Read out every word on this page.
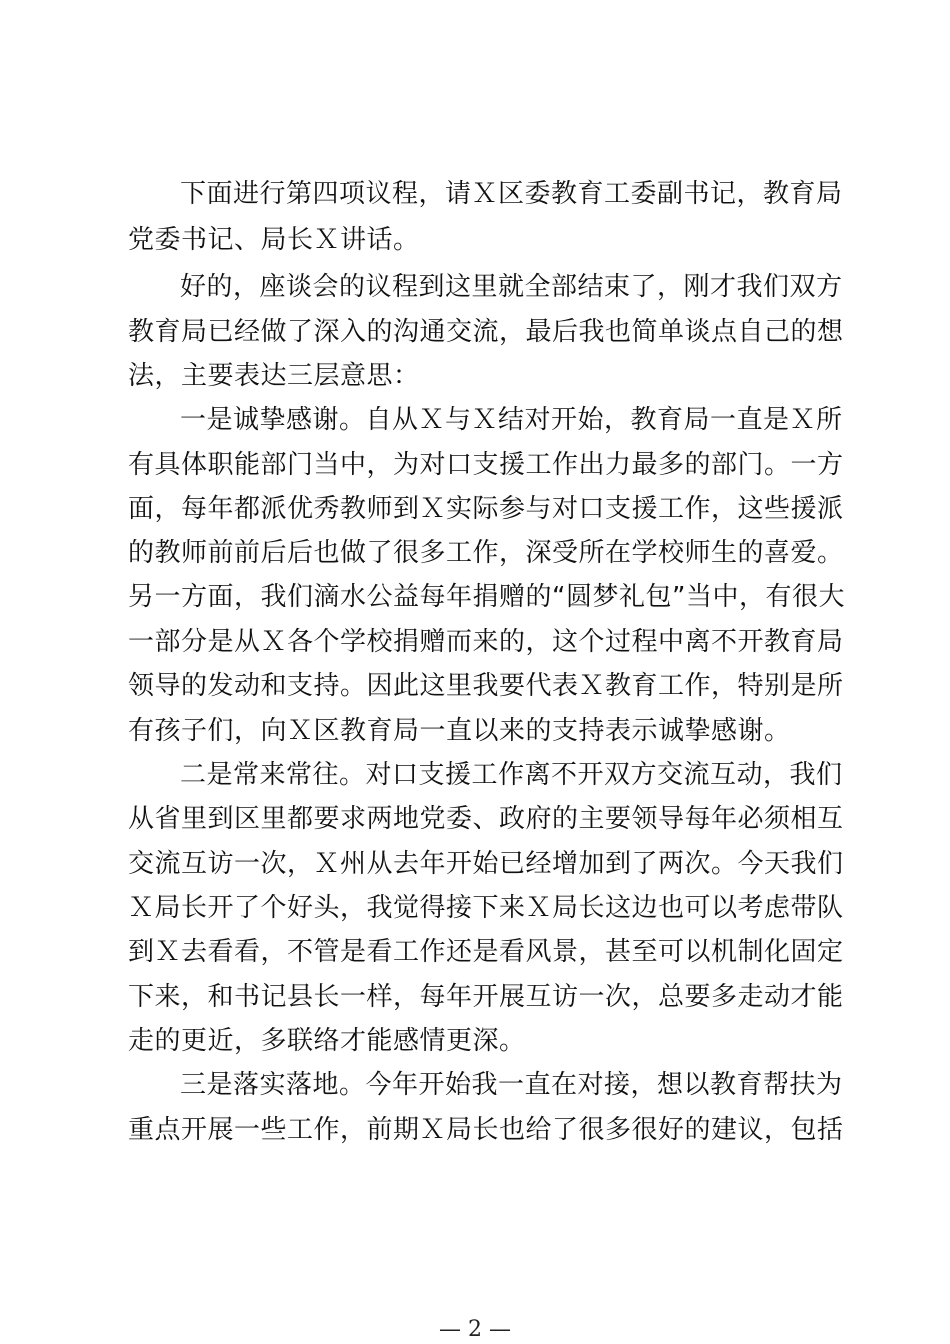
下面进行第四项议程，请Ｘ区委教育工委副书记，教育局
党委书记、局长Ｘ讲话。
好的，座谈会的议程到这里就全部结束了，刚才我们双方
教育局已经做了深入的沟通交流，最后我也简单谈点自己的想
法，主要表达三层意思：
一是诚挚感谢。自从Ｘ与Ｘ结对开始，教育局一直是Ｘ所
有具体职能部门当中，为对口支援工作出力最多的部门。一方
面，每年都派优秀教师到Ｘ实际参与对口支援工作，这些援派
的教师前前后后也做了很多工作，深受所在学校师生的喜爱。
另一方面，我们滴水公益每年捐赠的“圆梦礼包”当中，有很大
一部分是从Ｘ各个学校捐赠而来的，这个过程中离不开教育局
领导的发动和支持。因此这里我要代表Ｘ教育工作，特别是所
有孩子们，向Ｘ区教育局一直以来的支持表示诚挚感谢。
二是常来常往。对口支援工作离不开双方交流互动，我们
从省里到区里都要求两地党委、政府的主要领导每年必须相互
交流互访一次，Ｘ州从去年开始已经增加到了两次。今天我们
Ｘ局长开了个好头，我觉得接下来Ｘ局长这边也可以考虑带队
到Ｘ去看看，不管是看工作还是看风景，甚至可以机制化固定
下来，和书记县长一样，每年开展互访一次，总要多走动才能
走的更近，多联络才能感情更深。
三是落实落地。今年开始我一直在对接，想以教育帮扶为
重点开展一些工作，前期Ｘ局长也给了很多很好的建议，包括
— 2 —
